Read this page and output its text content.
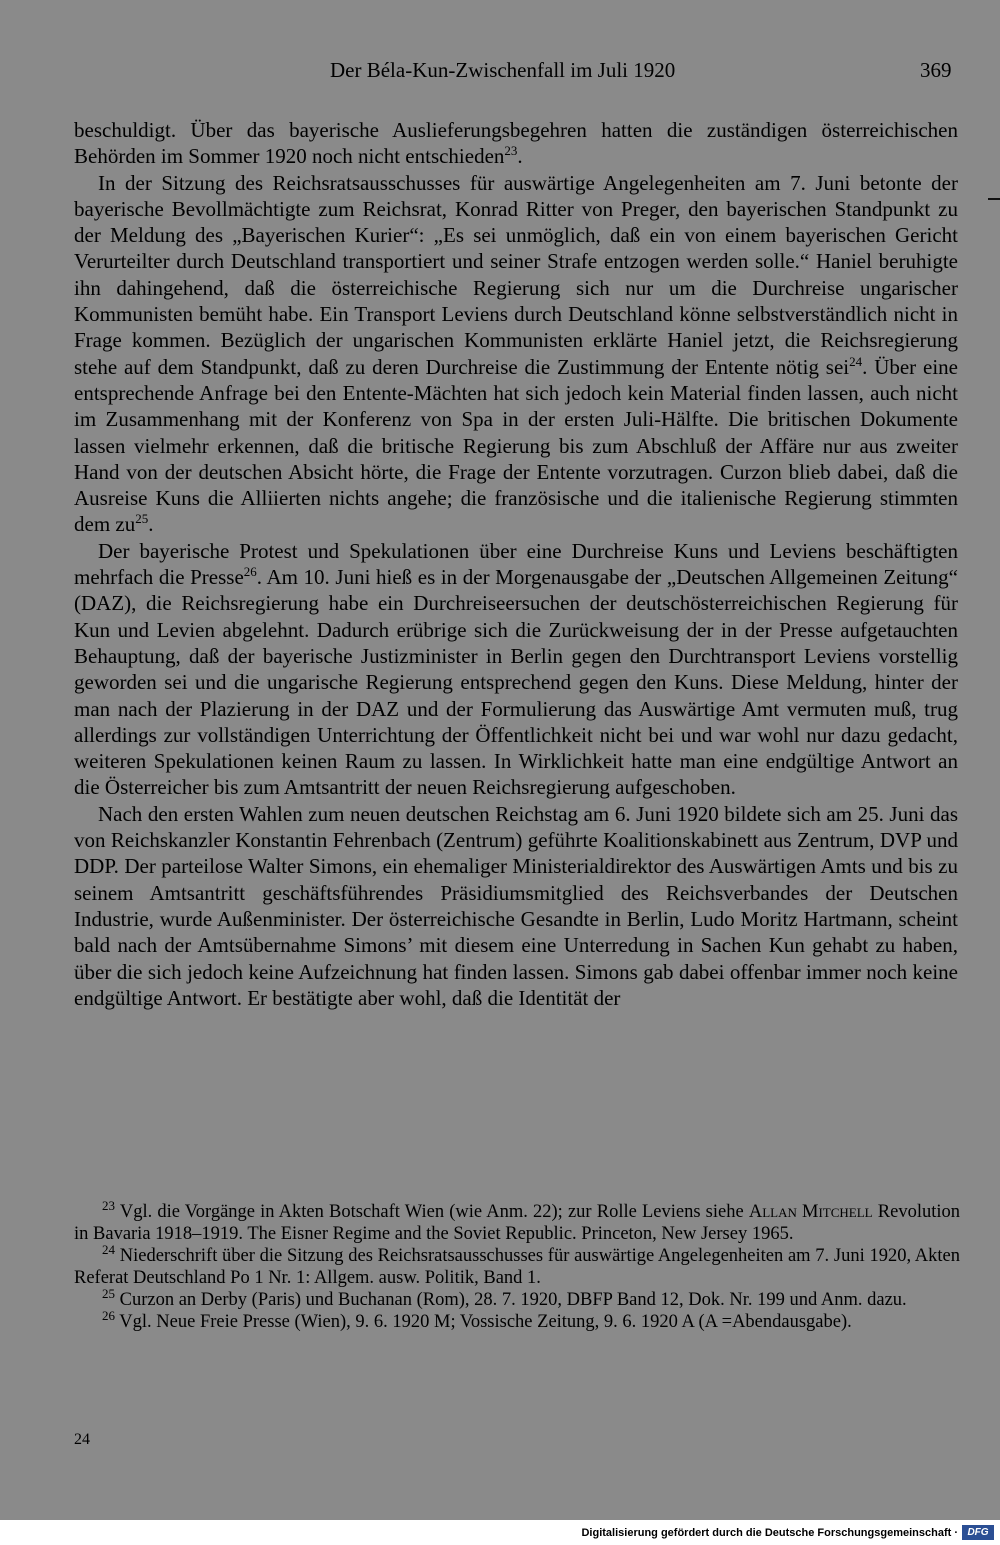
Der Béla-Kun-Zwischenfall im Juli 1920	369

beschuldigt. Über das bayerische Auslieferungsbegehren hatten die zuständigen österreichischen Behörden im Sommer 1920 noch nicht entschieden$^{23}$.

In der Sitzung des Reichsratsausschusses für auswärtige Angelegenheiten am 7. Juni betonte der bayerische Bevollmächtigte zum Reichsrat, Konrad Ritter von Preger, den bayerischen Standpunkt zu der Meldung des „Bayerischen Kurier“: „Es sei unmöglich, daß ein von einem bayerischen Gericht Verurteilter durch Deutschland transportiert und seiner Strafe entzogen werden solle.“ Haniel beruhigte ihn dahingehend, daß die österreichische Regierung sich nur um die Durchreise ungarischer Kommunisten bemüht habe. Ein Transport Leviens durch Deutschland könne selbstverständlich nicht in Frage kommen. Bezüglich der ungarischen Kommunisten erklärte Haniel jetzt, die Reichsregierung stehe auf dem Standpunkt, daß zu deren Durchreise die Zustimmung der Entente nötig sei$^{24}$. Über eine entsprechende Anfrage bei den Entente-Mächten hat sich jedoch kein Material finden lassen, auch nicht im Zusammenhang mit der Konferenz von Spa in der ersten Juli-Hälfte. Die britischen Dokumente lassen vielmehr erkennen, daß die britische Regierung bis zum Abschluß der Affäre nur aus zweiter Hand von der deutschen Absicht hörte, die Frage der Entente vorzutragen. Curzon blieb dabei, daß die Ausreise Kuns die Alliierten nichts angehe; die französische und die italienische Regierung stimmten dem $zu^{25}$.

Der bayerische Protest und Spekulationen über eine Durchreise Kuns und Leviens beschäftigten mehrfach die Presse$^{26}$. Am 10. Juni hieß es in der Morgenausgabe der „Deutschen Allgemeinen Zeitung“ (DAZ), die Reichsregierung habe ein Durchreiseersuchen der deutschösterreichischen Regierung für Kun und Levien abgelehnt. Dadurch erübrige sich die Zurückweisung der in der Presse aufgetauchten Behauptung, daß der bayerische Justizminister in Berlin gegen den Durchtransport Leviens vorstellig geworden sei und die ungarische Regierung entsprechend gegen den Kuns. Diese Meldung, hinter der man nach der Plazierung in der DAZ und der Formulierung das Auswärtige Amt vermuten muß, trug allerdings zur vollständigen Unterrichtung der Öffentlichkeit nicht bei und war wohl nur dazu gedacht, weiteren Spekulationen keinen Raum zu lassen. In Wirklichkeit hatte man eine endgültige Antwort an die Österreicher bis zum Amtsantritt der neuen Reichsregierung aufgeschoben.

Nach den ersten Wahlen zum neuen deutschen Reichstag am 6. Juni 1920 bildete sich am 25. Juni das von Reichskanzler Konstantin Fehrenbach (Zentrum) geführte Koalitionskabinett aus Zentrum, DVP und DDP. Der parteilose Walter Simons, ein ehemaliger Ministerialdirektor des Auswärtigen Amts und bis zu seinem Amtsantritt geschäftsführendes Präsidiumsmitglied des Reichsverbandes der Deutschen Industrie, wurde Außenminister. Der österreichische Gesandte in Berlin, Ludo Moritz Hartmann, scheint bald nach der Amtsübernahme Simons’ mit diesem eine Unterredung in Sachen Kun gehabt zu haben, über die sich jedoch keine Aufzeichnung hat finden lassen. Simons gab dabei offenbar immer noch keine endgültige Antwort. Er bestätigte aber wohl, daß die Identität der

$^{23}$ Vgl. die Vorgänge in Akten Botschaft Wien (wie Anm. 22); zur Rolle Leviens siehe Allan Mitchell Revolution in Bavaria 1918–1919. The Eisner Regime and the Soviet Republic. Princeton, New Jersey 1965.

$^{24}$ Niederschrift über die Sitzung des Reichsratsausschusses für auswärtige Angelegenheiten am 7. Juni 1920, Akten Referat Deutschland Po 1 Nr. 1: Allgem. ausw. Politik, Band 1.

$^{25}$ Curzon an Derby (Paris) und Buchanan (Rom), 28. 7. 1920, DBFP Band 12, Dok. Nr. 199 und Anm. dazu.

$^{26}$ Vgl. Neue Freie Presse (Wien), 9. 6. 1920 M; Vossische Zeitung, 9. 6. 1920 A (A =Abendausgabe).

24
Digitalisierung gefördert durch die Deutsche Forschungsgemeinschaft · DFG
